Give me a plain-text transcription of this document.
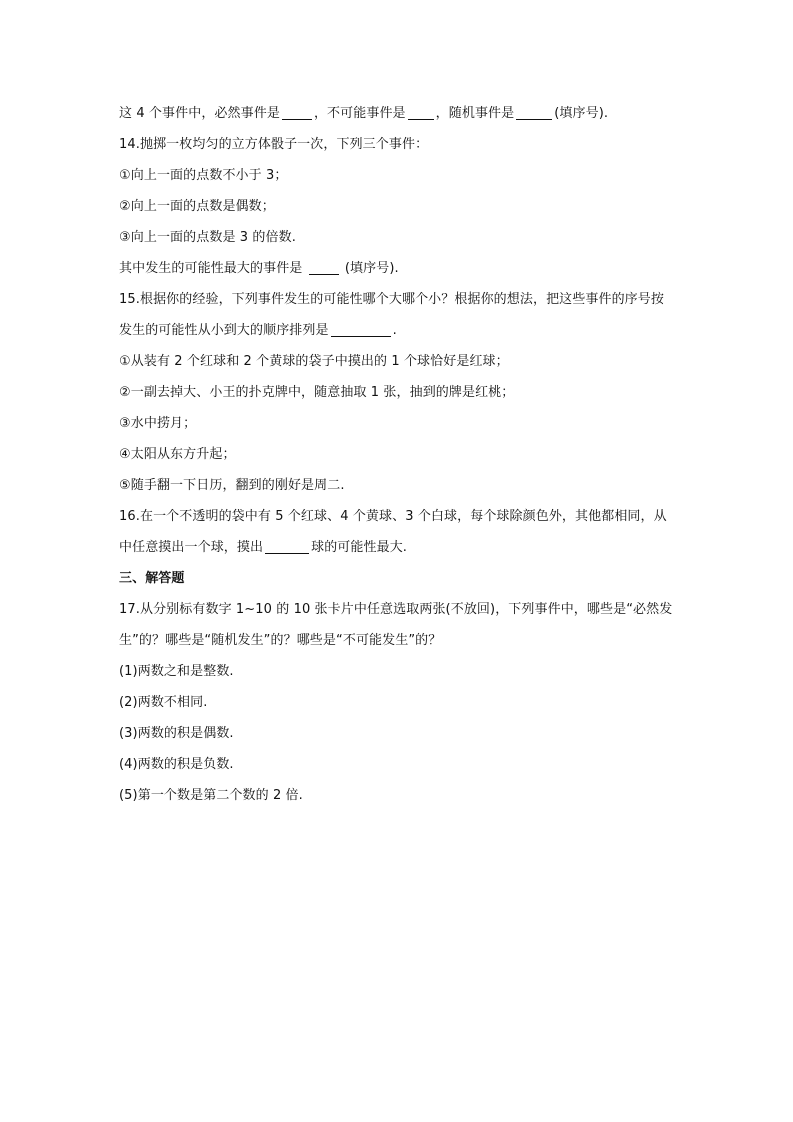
这 4 个事件中，必然事件是	，不可能事件是 ，随机事件是	(填序号).
14.抛掷一枚均匀的立方体骰子一次，下列三个事件：
①向上一面的点数不小于 3；
②向上一面的点数是偶数；
③向上一面的点数是 3 的倍数.
其中发生的可能性最大的事件是	(填序号).
15.根据你的经验，下列事件发生的可能性哪个大哪个小？根据你的想法，把这些事件的序号按
发生的可能性从小到大的顺序排列是	.
①从装有 2 个红球和 2 个黄球的袋子中摸出的 1 个球恰好是红球；
②一副去掉大、小王的扑克牌中，随意抽取 1 张，抽到的牌是红桃；
③水中捞月；
④太阳从东方升起；
⑤随手翻一下日历，翻到的刚好是周二.
16.在一个不透明的袋中有 5 个红球、4 个黄球、3 个白球，每个球除颜色外，其他都相同，从
中任意摸出一个球，摸出	球的可能性最大.
三、解答题
17.从分别标有数字 1~10 的 10 张卡片中任意选取两张(不放回)，下列事件中，哪些是“必然发
生”的？哪些是“随机发生”的？哪些是“不可能发生”的？
(1)两数之和是整数.
(2)两数不相同.
(3)两数的积是偶数.
(4)两数的积是负数.
(5)第一个数是第二个数的 2 倍.
